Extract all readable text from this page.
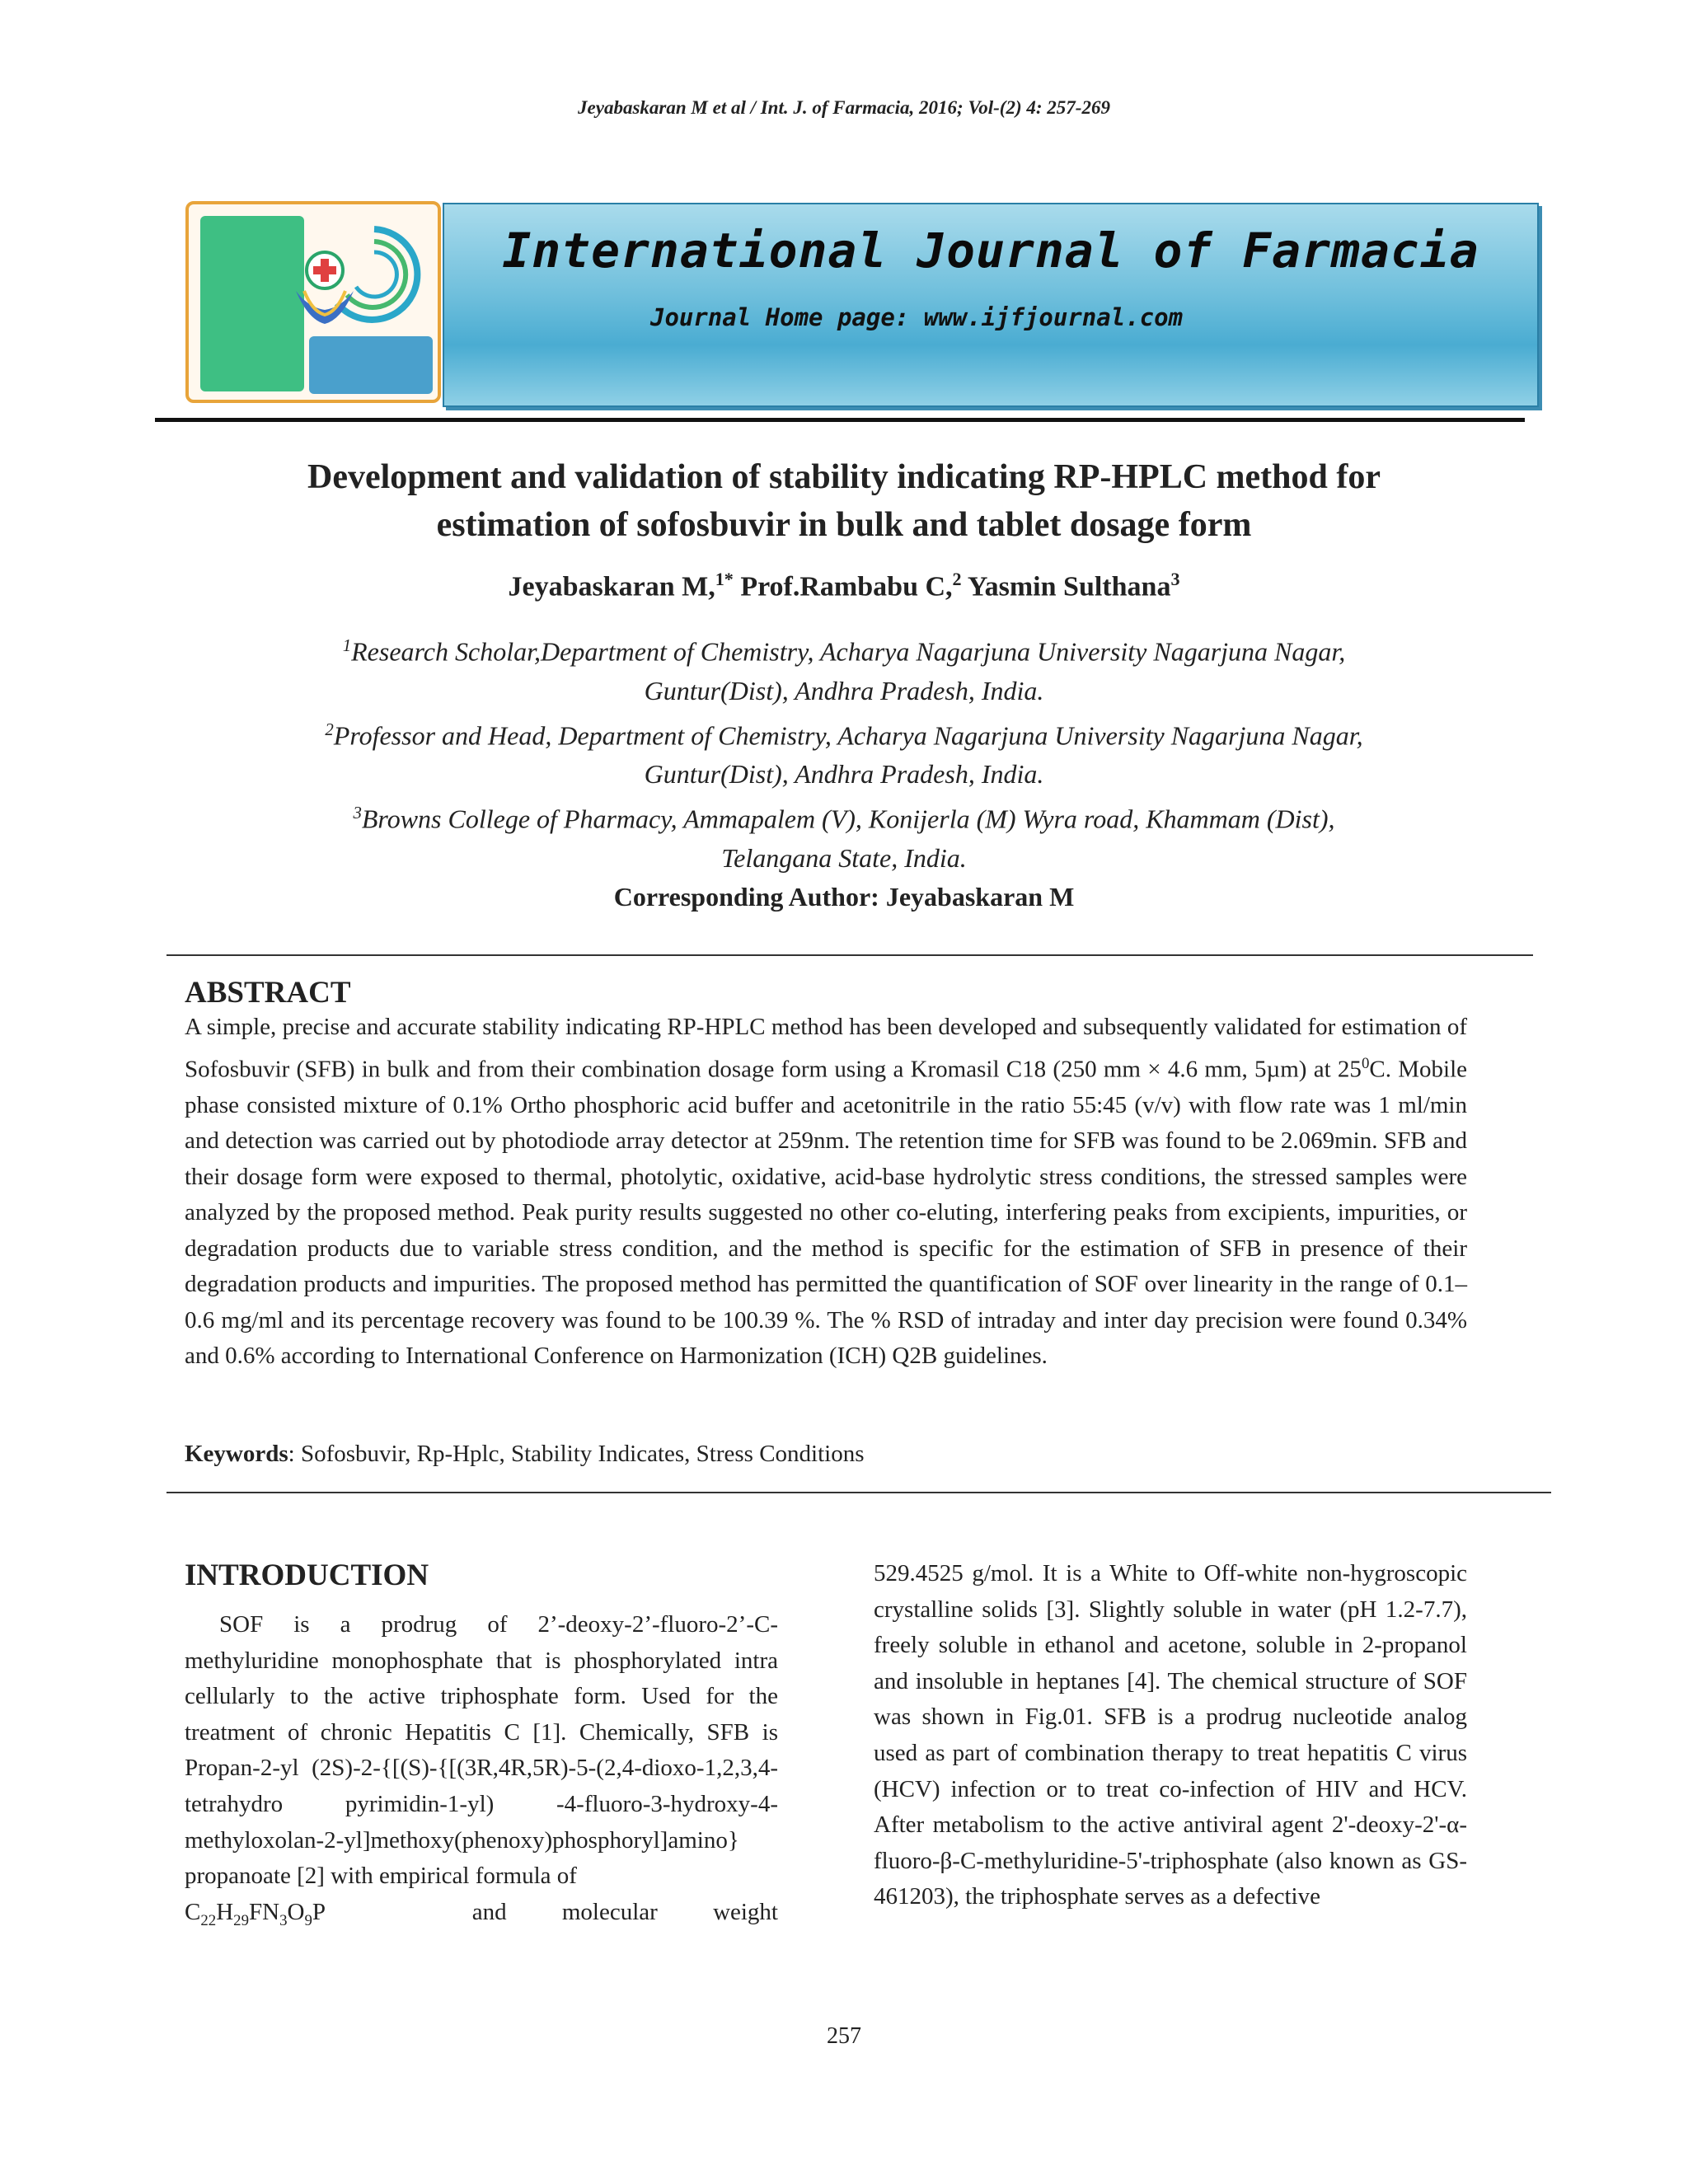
Jeyabaskaran M et al / Int. J. of Farmacia, 2016; Vol-(2) 4: 257-269
International Journal of Farmacia
Journal Home page: www.ijfjournal.com
Development and validation of stability indicating RP-HPLC method for
estimation of sofosbuvir in bulk and tablet dosage form
Jeyabaskaran M,$^{1*}$ Prof.Rambabu C,$^2$ Yasmin Sulthana$^3$
$^1$Research Scholar,Department of Chemistry, Acharya Nagarjuna University Nagarjuna Nagar,
Guntur(Dist), Andhra Pradesh, India.
$^2$Professor and Head, Department of Chemistry, Acharya Nagarjuna University Nagarjuna Nagar,
Guntur(Dist), Andhra Pradesh, India.
$^3$Browns College of Pharmacy, Ammapalem (V), Konijerla (M) Wyra road, Khammam (Dist),
Telangana State, India.
Corresponding Author: Jeyabaskaran M
ABSTRACT
A simple, precise and accurate stability indicating RP-HPLC method has been developed and subsequently validated for estimation of Sofosbuvir (SFB) in bulk and from their combination dosage form using a Kromasil C18 (250 mm × 4.6 mm, 5µm) at $25^0C$. Mobile phase consisted mixture of 0.1% Ortho phosphoric acid buffer and acetonitrile in the ratio 55:45 (v/v) with flow rate was 1 ml/min and detection was carried out by photodiode array detector at 259nm. The retention time for SFB was found to be 2.069min. SFB and their dosage form were exposed to thermal, photolytic, oxidative, acid-base hydrolytic stress conditions, the stressed samples were analyzed by the proposed method. Peak purity results suggested no other co-eluting, interfering peaks from excipients, impurities, or degradation products due to variable stress condition, and the method is specific for the estimation of SFB in presence of their degradation products and impurities. The proposed method has permitted the quantification of SOF over linearity in the range of 0.1– 0.6 mg/ml and its percentage recovery was found to be 100.39 %. The % RSD of intraday and inter day precision were found 0.34% and 0.6% according to International Conference on Harmonization (ICH) Q2B guidelines.
Keywords: Sofosbuvir, Rp-Hplc, Stability Indicates, Stress Conditions
INTRODUCTION
SOF is a prodrug of 2’-deoxy-2’-fluoro-2’-C-methyluridine monophosphate that is phosphorylated intra cellularly to the active triphosphate form. Used for the treatment of chronic Hepatitis C [1]. Chemically, SFB is Propan-2-yl (2S)-2-{[(S)-{[(3R,4R,5R)-5-(2,4-dioxo-1,2,3,4-tetrahydro pyrimidin-1-yl) -4-fluoro-3-hydroxy-4-methyloxolan-2-yl]methoxy(phenoxy)phosphoryl]amino} propanoate [2] with empirical formula of
$C_{22}H_{29}FN_3O_9P$	and molecular weight
529.4525 g/mol. It is a White to Off-white non-hygroscopic crystalline solids [3]. Slightly soluble in water (pH 1.2-7.7), freely soluble in ethanol and acetone, soluble in 2-propanol and insoluble in heptanes [4]. The chemical structure of SOF was shown in Fig.01. SFB is a prodrug nucleotide analog used as part of combination therapy to treat hepatitis C virus (HCV) infection or to treat co-infection of HIV and HCV. After metabolism to the active antiviral agent 2'-deoxy-2'-α-fluoro-β-C-methyluridine-5'-triphosphate (also known as GS-461203), the triphosphate serves as a defective
257
